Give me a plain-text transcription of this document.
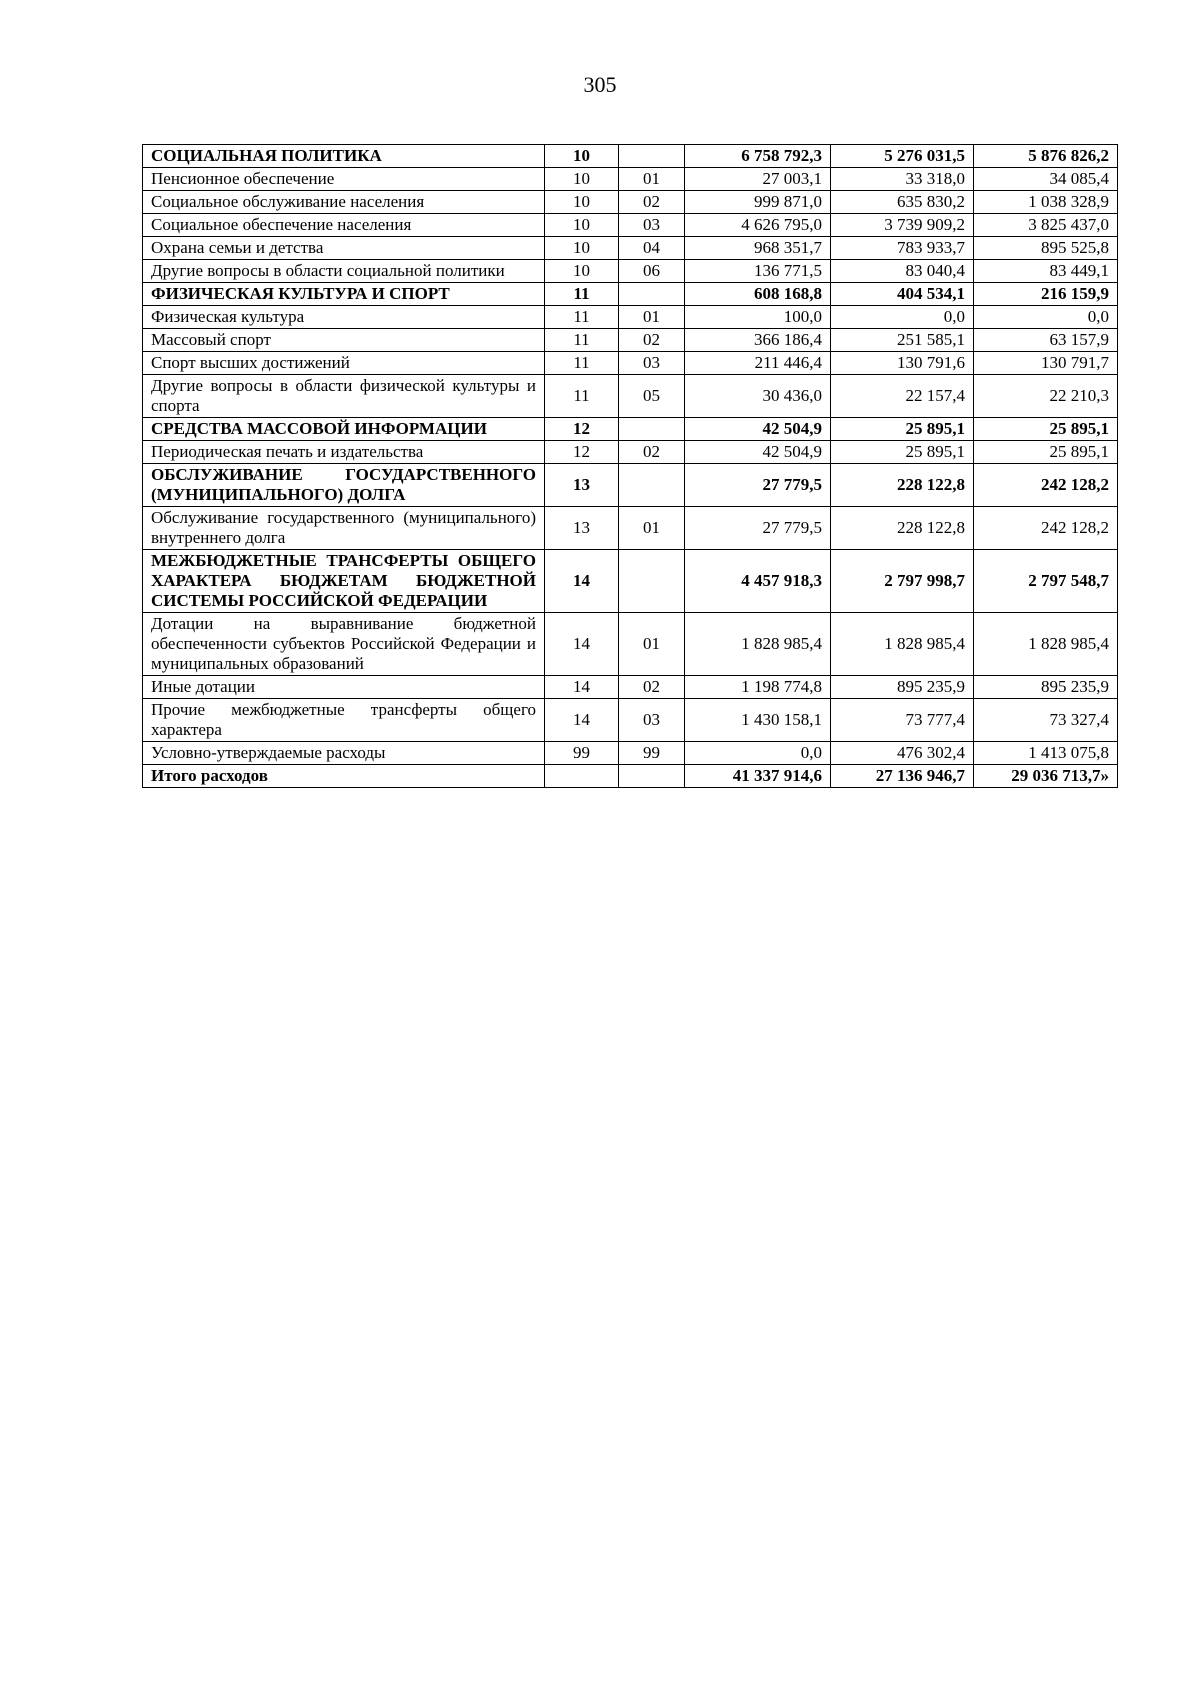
305
СОЦИАЛЬНАЯ ПОЛИТИКА	10		6 758 792,3	5 276 031,5	5 876 826,2
Пенсионное обеспечение	10	01	27 003,1	33 318,0	34 085,4
Социальное обслуживание населения	10	02	999 871,0	635 830,2	1 038 328,9
Социальное обеспечение населения	10	03	4 626 795,0	3 739 909,2	3 825 437,0
Охрана семьи и детства	10	04	968 351,7	783 933,7	895 525,8
Другие вопросы в области социальной политики	10	06	136 771,5	83 040,4	83 449,1
ФИЗИЧЕСКАЯ КУЛЬТУРА И СПОРТ	11		608 168,8	404 534,1	216 159,9
Физическая культура	11	01	100,0	0,0	0,0
Массовый спорт	11	02	366 186,4	251 585,1	63 157,9
Спорт высших достижений	11	03	211 446,4	130 791,6	130 791,7
Другие вопросы в области физической культуры и спорта	11	05	30 436,0	22 157,4	22 210,3
СРЕДСТВА МАССОВОЙ ИНФОРМАЦИИ	12		42 504,9	25 895,1	25 895,1
Периодическая печать и издательства	12	02	42 504,9	25 895,1	25 895,1
ОБСЛУЖИВАНИЕ ГОСУДАРСТВЕННОГО (МУНИЦИПАЛЬНОГО) ДОЛГА	13		27 779,5	228 122,8	242 128,2
Обслуживание государственного (муниципального) внутреннего долга	13	01	27 779,5	228 122,8	242 128,2
МЕЖБЮДЖЕТНЫЕ ТРАНСФЕРТЫ ОБЩЕГО ХАРАКТЕРА БЮДЖЕТАМ БЮДЖЕТНОЙ СИСТЕМЫ РОССИЙСКОЙ ФЕДЕРАЦИИ	14		4 457 918,3	2 797 998,7	2 797 548,7
Дотации на выравнивание бюджетной обеспеченности субъектов Российской Федерации и муниципальных образований	14	01	1 828 985,4	1 828 985,4	1 828 985,4
Иные дотации	14	02	1 198 774,8	895 235,9	895 235,9
Прочие межбюджетные трансферты общего характера	14	03	1 430 158,1	73 777,4	73 327,4
Условно-утверждаемые расходы	99	99	0,0	476 302,4	1 413 075,8
Итого расходов			41 337 914,6	27 136 946,7	29 036 713,7»
